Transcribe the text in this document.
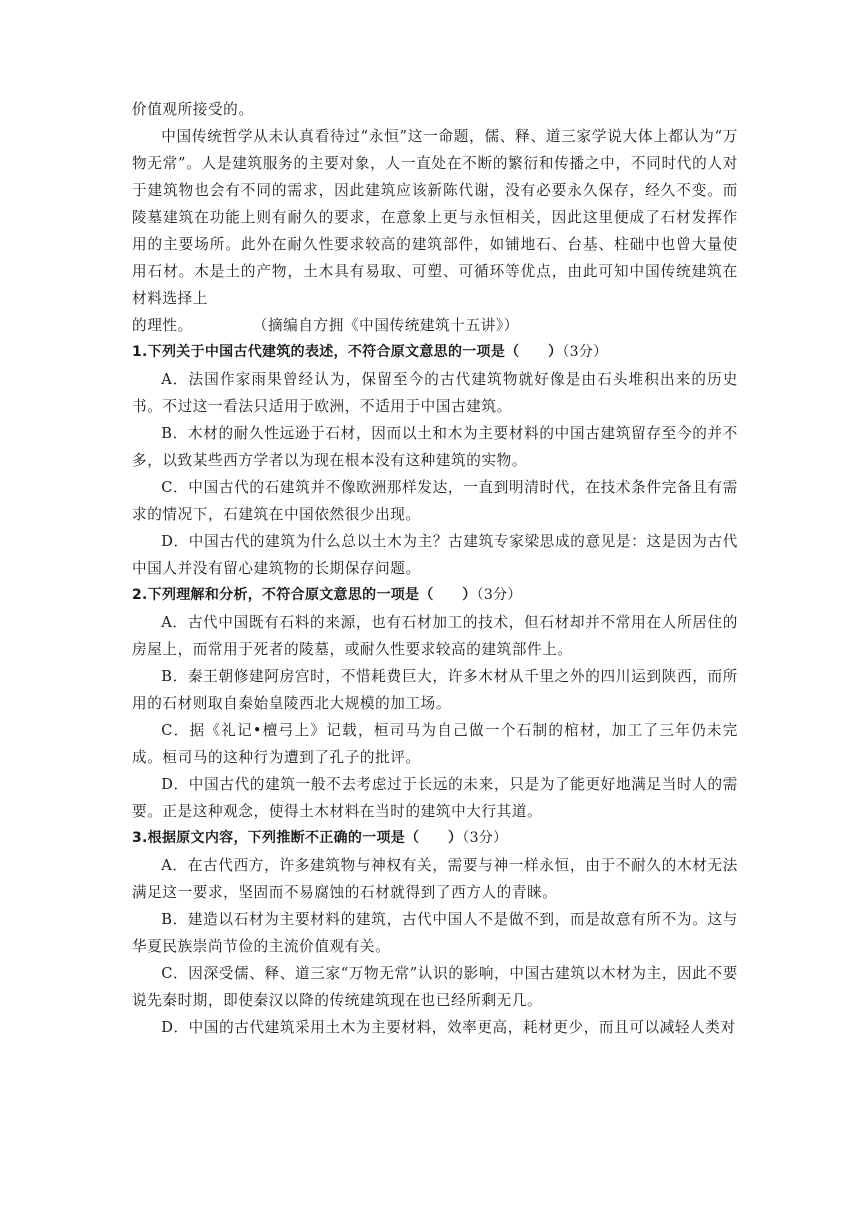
价值观所接受的。

中国传统哲学从未认真看待过“永恒”这一命题，儒、释、道三家学说大体上都认为“万物无常”。人是建筑服务的主要对象，人一直处在不断的繁衍和传播之中，不同时代的人对于建筑物也会有不同的需求，因此建筑应该新陈代谢，没有必要永久保存，经久不变。而陵墓建筑在功能上则有耐久的要求，在意象上更与永恒相关，因此这里便成了石材发挥作用的主要场所。此外在耐久性要求较高的建筑部件，如铺地石、台基、柱础中也曾大量使用石材。木是土的产物，土木具有易取、可塑、可循环等优点，由此可知中国传统建筑在材料选择上

的理性。	（摘编自方拥《中国传统建筑十五讲》）

1.下列关于中国古代建筑的表述，不符合原文意思的一项是（　　）（3分）

A．法国作家雨果曾经认为，保留至今的古代建筑物就好像是由石头堆积出来的历史书。不过这一看法只适用于欧洲，不适用于中国古建筑。

B．木材的耐久性远逊于石材，因而以土和木为主要材料的中国古建筑留存至今的并不多，以致某些西方学者以为现在根本没有这种建筑的实物。

C．中国古代的石建筑并不像欧洲那样发达，一直到明清时代，在技术条件完备且有需求的情况下，石建筑在中国依然很少出现。

D．中国古代的建筑为什么总以土木为主？古建筑专家梁思成的意见是：这是因为古代中国人并没有留心建筑物的长期保存问题。

2.下列理解和分析，不符合原文意思的一项是（　　）（3分）

A．古代中国既有石料的来源，也有石材加工的技术，但石材却并不常用在人所居住的房屋上，而常用于死者的陵墓，或耐久性要求较高的建筑部件上。

B．秦王朝修建阿房宫时，不惜耗费巨大，许多木材从千里之外的四川运到陕西，而所用的石材则取自秦始皇陵西北大规模的加工场。

C．据《礼记•檀弓上》记载，桓司马为自己做一个石制的棺材，加工了三年仍未完成。桓司马的这种行为遭到了孔子的批评。

D．中国古代的建筑一般不去考虑过于长远的未来，只是为了能更好地满足当时人的需要。正是这种观念，使得土木材料在当时的建筑中大行其道。

3.根据原文内容，下列推断不正确的一项是（　　）（3分）

A．在古代西方，许多建筑物与神权有关，需要与神一样永恒，由于不耐久的木材无法满足这一要求，坚固而不易腐蚀的石材就得到了西方人的青睐。

B．建造以石材为主要材料的建筑，古代中国人不是做不到，而是故意有所不为。这与华夏民族崇尚节俭的主流价值观有关。

C．因深受儒、释、道三家“万物无常”认识的影响，中国古建筑以木材为主，因此不要说先秦时期，即使秦汉以降的传统建筑现在也已经所剩无几。

D．中国的古代建筑采用土木为主要材料，效率更高，耗材更少，而且可以减轻人类对
